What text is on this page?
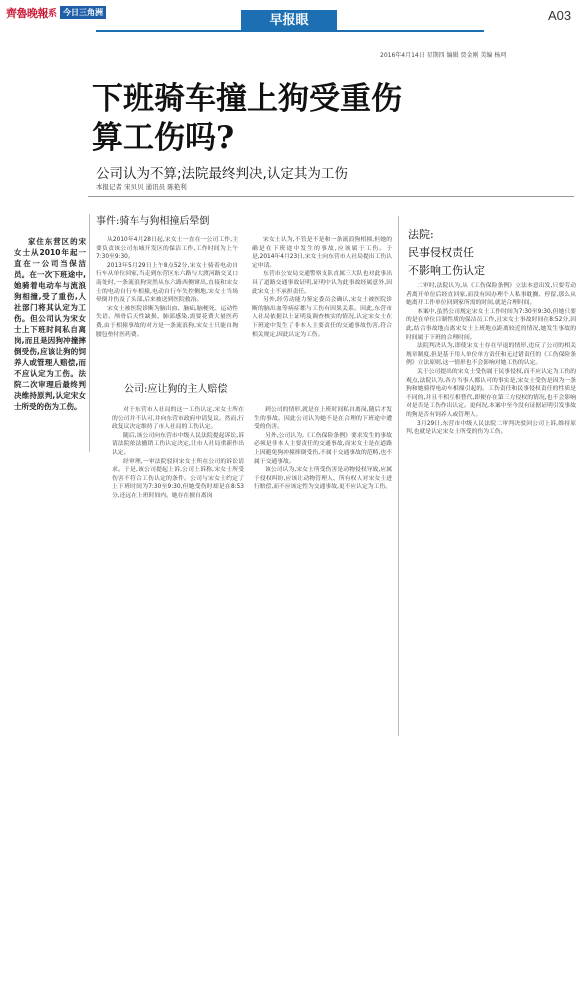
齊魯晚報 系 今日三角洲
早报眼	A03
2016年4月14日 星期四 编辑 贾金刚 美编 杨珂
下班骑车撞上狗受重伤
算工伤吗?
公司认为不算;法院最终判决,认定其为工伤
本报记者 宋贝贝 通讯员 陈艳利

家住东营区的宋女士从2010年起一直在一公司当保洁员。在一次下班途中,她骑着电动车与流浪狗相撞,受了重伤,人社部门将其认定为工伤。但公司认为宋女士上下班时间私自离岗,而且是因狗冲撞摔倒受伤,应该让狗的饲养人或管理人赔偿,而不应认定为工伤。法院二次审理后最终判决维持原判,认定宋女士所受的伤为工伤。

事件:骑车与狗相撞后晕倒

从2010年4月28日起,宋女士一直在一公司工作,主要负责该公司东城开发区的保洁工作,工作时间为上午7:30至9:30。

2013年5月29日上午8点52分,宋女士骑着电动自行车从单位回家,当走到东营区东六路与大渡河路交叉口南处时,一条流浪狗突然从东六路西侧窜出,直接和宋女士的电动自行车相撞,电动自行车失控侧地,宋女士当场晕倒并伤及了头部,后来被送到医院救治。

宋女士被医院诊断为脑出血、脑疝,脑梗死、运动性失语、颅骨后天性缺损、肺部感染,需要花费大量医药费,由于相撞事故的对方是一条流浪狗,宋女士只能自掏腰包垫付医药费。

宋女士认为,不管是不是和一条流浪狗相撞,但她的确是在下班途中发生的事故,应该属于工伤。于是,2014年4月23日,宋女士向东营市人社局提出工伤认定申请。

东营市公安局交通警察支队直属三大队也对此事出具了道路交通事故证明,证明中认为此事故经属意外,因此宋女士不承担责任。

另外,经劳动能力鉴定委员会确认,宋女士被医院诊断的脑出血等病症都与工伤有因果关系。因此,东营市人社局依据以上证明及调查核实的情况,认定宋女士在下班途中发生了非本人主要责任的交通事故伤害,符合相关规定,因此认定为工伤。

公司:应让狗的主人赔偿

对于东营市人社局的这一工伤认定,宋女士所在的公司并不认可,并向东营市政府申请复议。然而,行政复议决定维持了市人社局的工伤认定。

随后,该公司向东营市中级人民法院提起诉讼,诉请法院依法撤销工伤认定决定,让市人社局重新作出认定。

经审理,一审法院驳回宋女士所在公司的诉讼请求。于是,该公司提起上诉,公司上诉称,宋女士所受伤害不符合工伤认定的条件。公司与宋女士约定了上下班时间为7:30至9:30,但她受伤时却是在8:53分,还远在上班时间内。她存在擅自离岗

到公司的情形,就是在上班时间私自离岗,随后才发生的事故。因此公司认为她不是在合理的下班途中遭受的伤害。

另外,公司认为,《工伤保险条例》要求发生的事故必须是非本人主要责任的交通事故,而宋女士是在道路上因避免狗冲撞摔倒受伤,不属于交通事故的范畴,也不属于交通事故。

该公司认为,宋女士所受伤害是动物侵权导致,应属于侵权纠纷,应该让动物管理人、所有权人对宋女士进行赔偿,而不应该定性为交通事故,更不应认定为工伤。

法院:
民事侵权责任
不影响工伤认定

二审时,法院认为,从《工伤保险条例》立法本意出发,只要劳动者离开单位后经直回家,而没有因办理个人私事耽搁、停留,那么从她离开工作单位回到家所需的时间,就是合理时间。

本案中,虽然公司规定宋女士工作时间为7:30至9:30,但她只要的是在单位目制性质的保洁员工作,且宋女士事故时间在8:52分,因此,结合事故地点离宋女士上班地点距离较近的情况,她发生事故的时间属于下班的合理时间。

法院判决认为,即使宋女士存在早退的情形,违反了公司的相关规章制度,但是基于用人单位单方责任和无过错责任的《工伤保险条例》立法原则,这一情形也不会影响对她工伤的认定。

关于公司提出的宋女士受伤属于民事侵权,而不应认定为工伤的观点,法院认为,各方当事人都认可的事实是,宋女士受伤是因为一条狗和她骑得电动车相撞引起的。工伤责任和民事侵权责任的性质是不同的,并且不相互相替代,即便存在第三方侵权的情况,也不会影响对是否是工伤作出认定。更何况,本案中至今没有证据证明引发事故的狗是否有饲养人或管理人。

3月29日,东营市中级人民法院二审判决驳回公司上诉,维持原判,也就是认定宋女士所受的伤为工伤。
